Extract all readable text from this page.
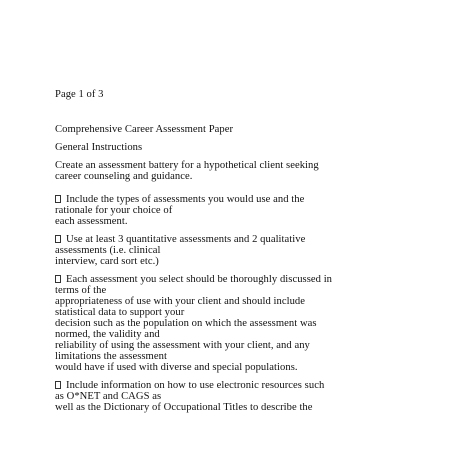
Page 1 of 3

Comprehensive Career Assessment Paper

General Instructions

Create an assessment battery for a hypothetical client seeking

career counseling and guidance.

Include the types of assessments you would use and the

rationale for your choice of

each assessment.

Use at least 3 quantitative assessments and 2 qualitative

assessments (i.e. clinical

interview, card sort etc.)

Each assessment you select should be thoroughly discussed in

terms of the

appropriateness of use with your client and should include

statistical data to support your

decision such as the population on which the assessment was

normed, the validity and

reliability of using the assessment with your client, and any

limitations the assessment

would have if used with diverse and special populations.

Include information on how to use electronic resources such

as O*NET and CAGS as

well as the Dictionary of Occupational Titles to describe the
